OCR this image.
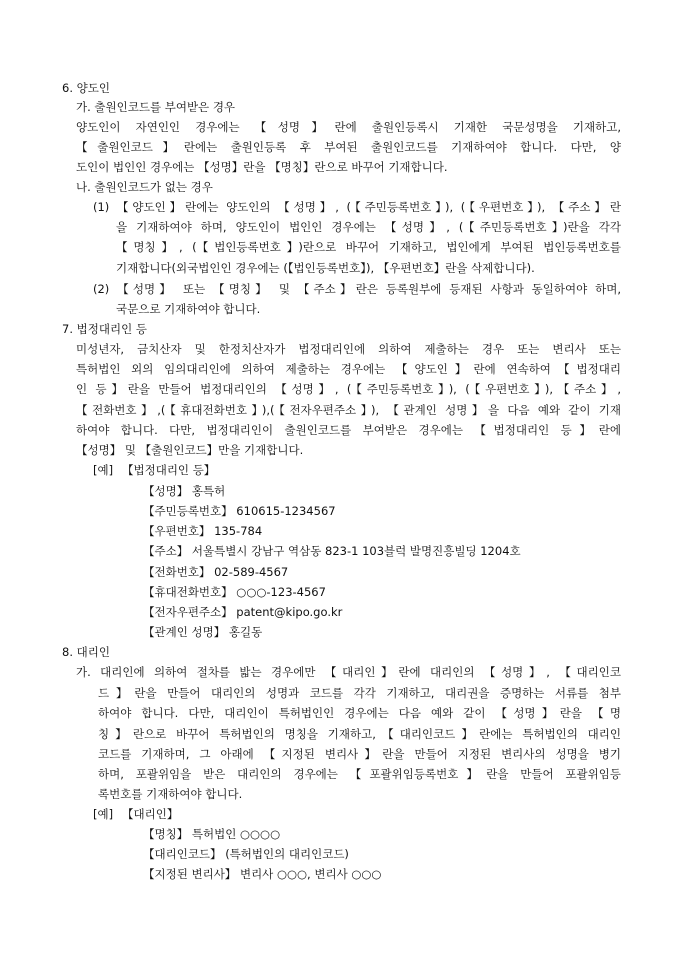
6. 양도인
가. 출원인코드를 부여받은 경우
양도인이 자연인인 경우에는 【성명】란에 출원인등록시 기재한 국문성명을 기재하고,
【출원인코드】란에는 출원인등록 후 부여된 출원인코드를 기재하여야 합니다. 다만, 양
도인이 법인인 경우에는 【성명】란을 【명칭】란으로 바꾸어 기재합니다.
나. 출원인코드가 없는 경우
(1) 【양도인】란에는 양도인의 【성명】, (【주민등록번호】), (【우편번호】), 【주소】란
을 기재하여야 하며, 양도인이 법인인 경우에는 【성명】, (【주민등록번호】)란을 각각
【명칭】, (【법인등록번호】)란으로 바꾸어 기재하고, 법인에게 부여된 법인등록번호를
기재합니다(외국법인인 경우에는 (【법인등록번호】), 【우편번호】란을 삭제합니다).
(2) 【성명】 또는 【명칭】 및 【주소】란은 등록원부에 등재된 사항과 동일하여야 하며,
국문으로 기재하여야 합니다.
7. 법정대리인 등
미성년자, 금치산자 및 한정치산자가 법정대리인에 의하여 제출하는 경우 또는 변리사 또는
특허법인 외의 임의대리인에 의하여 제출하는 경우에는 【양도인】란에 연속하여【법정대리
인 등】란을 만들어 법정대리인의 【성명】, (【주민등록번호】), (【우편번호】),【주소】,
【전화번호】,(【휴대전화번호】),(【전자우편주소】), 【관계인 성명】을 다음 예와 같이 기재
하여야 합니다. 다만, 법정대리인이 출원인코드를 부여받은 경우에는 【법정대리인 등】란에
【성명】 및 【출원인코드】만을 기재합니다.
[예] 【법정대리인 등】
【성명】 홍특허
【주민등록번호】 610615-1234567
【우편번호】 135-784
【주소】 서울특별시 강남구 역삼동 823-1 103블럭 발명진흥빌딩 1204호
【전화번호】 02-589-4567
【휴대전화번호】 ○○○-123-4567
【전자우편주소】 patent@kipo.go.kr
【관계인 성명】 홍길동
8. 대리인
가. 대리인에 의하여 절차를 밟는 경우에만 【대리인】란에 대리인의 【성명】, 【대리인코
드】란을 만들어 대리인의 성명과 코드를 각각 기재하고, 대리권을 증명하는 서류를 첨부
하여야 합니다. 다만, 대리인이 특허법인인 경우에는 다음 예와 같이 【성명】란을 【명
칭】란으로 바꾸어 특허법인의 명칭을 기재하고,【대리인코드】란에는 특허법인의 대리인
코드를 기재하며, 그 아래에 【지정된 변리사】란을 만들어 지정된 변리사의 성명을 병기
하며, 포괄위임을 받은 대리인의 경우에는 【포괄위임등록번호】란을 만들어 포괄위임등
록번호를 기재하여야 합니다.
[예] 【대리인】
【명칭】 특허법인 ○○○○
【대리인코드】 (특허법인의 대리인코드)
【지정된 변리사】 변리사 ○○○, 변리사 ○○○
